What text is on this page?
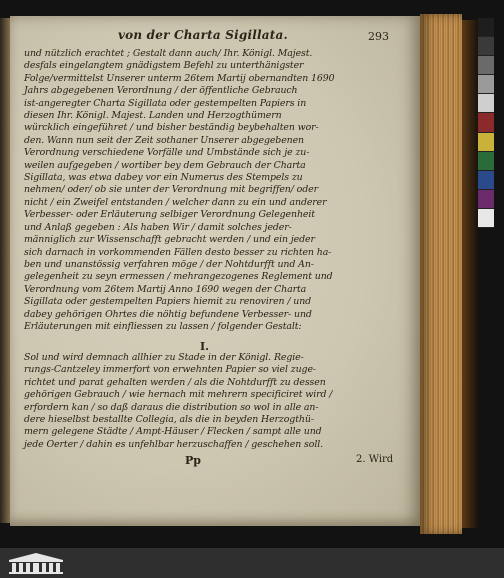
von der Charta Sigillata.	293
und nützlich erachtet ; Gestalt dann auch/ Ihr. Königl. Majest.
desfals eingelangtem gnädigstem Befehl zu unterthänigster
Folge/vermittelst Unserer unterm 26tem Martij obernandten 1690
Jahrs abgegebenen Verordnung / der öffentliche Gebrauch
ist-angeregter Charta Sigillata oder gestempelten Papiers in
diesen Ihr. Königl. Majest. Landen und Herzogthümern
würcklich eingeführet / und bisher beständig beybehalten wor-
den. Wann nun seit der Zeit sothaner Unserer abgegebenen
Verordnung verschiedene Vorfälle und Umbstände sich je zu-
weilen aufgegeben / wortiber bey dem Gebrauch der Charta
Sigillata, was etwa dabey vor ein Numerus des Stempels zu
nehmen/ oder/ ob sie unter der Verordnung mit begriffen/ oder
nicht / ein Zweifel entstanden / welcher dann zu ein und anderer
Verbesser- oder Erläuterung selbiger Verordnung Gelegenheit
und Anlaß gegeben : Als haben Wir / damit solches jeder-
männiglich zur Wissenschafft gebracht werden / und ein jeder
sich darnach in vorkommenden Fällen desto besser zu richten ha-
ben und unanstössig verfahren möge / der Nohtdurfft und An-
gelegenheit zu seyn ermessen / mehrangezogenes Reglement und
Verordnung vom 26tem Martij Anno 1690 wegen der Charta
Sigillata oder gestempelten Papiers hiemit zu renoviren / und
dabey gehörigen Ohrtes die nöhtig befundene Verbesser- und
Erläuterungen mit einfliessen zu lassen / folgender Gestalt:
I.
Sol und wird demnach allhier zu Stade in der Königl. Regie-
rungs-Cantzeley immerfort von erwehnten Papier so viel zuge-
richtet und parat gehalten werden / als die Nohtdurfft zu dessen
gehörigen Gebrauch / wie hernach mit mehrern specificiret wird /
erfordern kan / so daß daraus die distribution so wol in alle an-
dere hieselbst bestallte Collegia, als die in beyden Herzogthü-
mern gelegene Städte / Ampt-Häuser / Flecken / sampt alle und
jede Oerter / dahin es unfehlbar herzuschaffen / geschehen soll.
Pp	2. Wird
